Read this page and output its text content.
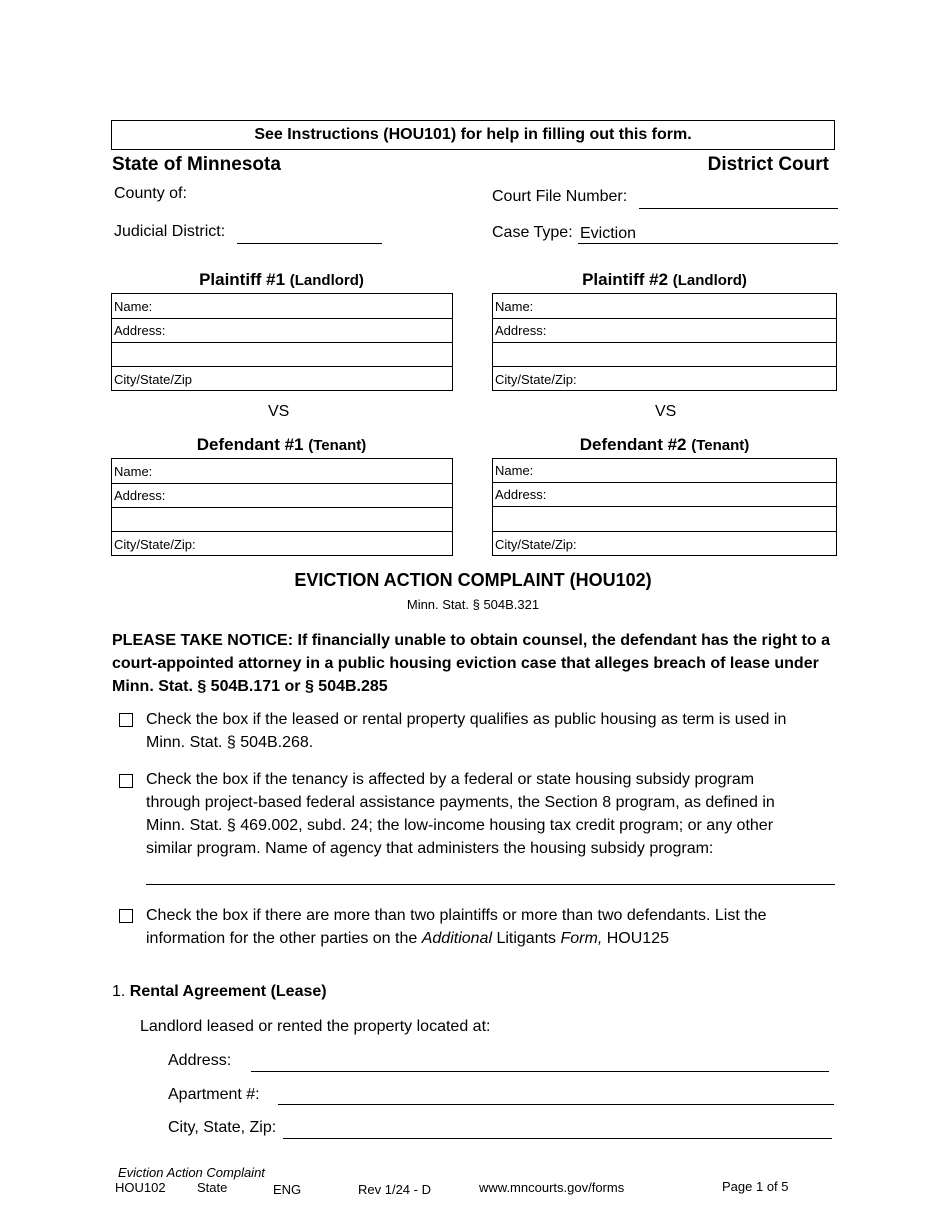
See Instructions (HOU101) for help in filling out this form.
State of Minnesota	District Court
County of:
Judicial District:
Court File Number:
Case Type: Eviction
Plaintiff #1 (Landlord)
Name:
Address:
City/State/Zip
Plaintiff #2 (Landlord)
Name:
Address:
City/State/Zip:
VS	VS
Defendant #1 (Tenant)
Name:
Address:
City/State/Zip:
Defendant #2 (Tenant)
Name:
Address:
City/State/Zip:
EVICTION ACTION COMPLAINT (HOU102)
Minn. Stat. § 504B.321
PLEASE TAKE NOTICE: If financially unable to obtain counsel, the defendant has the right to a
court-appointed attorney in a public housing eviction case that alleges breach of lease under
Minn. Stat. § 504B.171 or § 504B.285
Check the box if the leased or rental property qualifies as public housing as term is used in
Minn. Stat. § 504B.268.
Check the box if the tenancy is affected by a federal or state housing subsidy program
through project-based federal assistance payments, the Section 8 program, as defined in
Minn. Stat. § 469.002, subd. 24; the low-income housing tax credit program; or any other
similar program. Name of agency that administers the housing subsidy program:
Check the box if there are more than two plaintiffs or more than two defendants. List the
information for the other parties on the Additional Litigants Form, HOU125
1. Rental Agreement (Lease)
Landlord leased or rented the property located at:
Address:
Apartment #:
City, State, Zip:
Eviction Action Complaint
HOU102 State	ENG	Rev 1/24 - D	www.mncourts.gov/forms	Page 1 of 5
